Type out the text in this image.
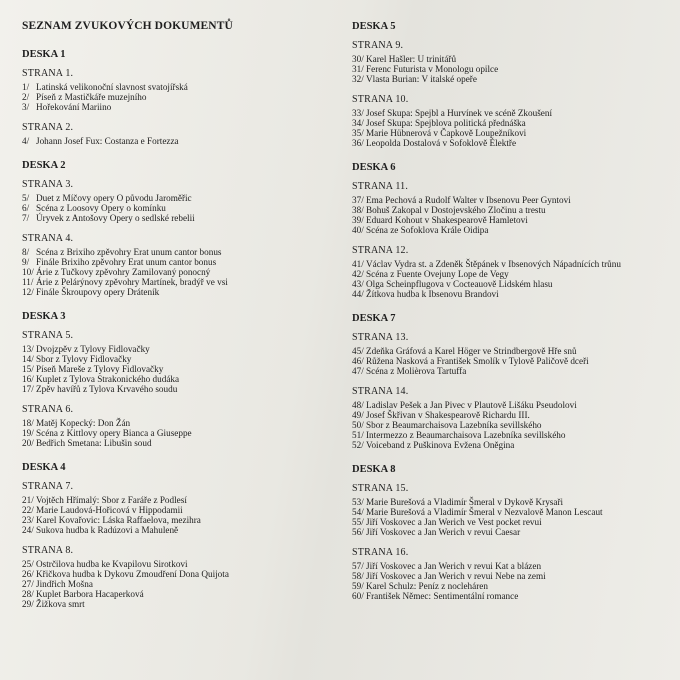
SEZNAM ZVUKOVÝCH DOKUMENTŮ
DESKA 1
STRANA 1.
1/ Latinská velikonoční slavnost svatojířská
2/ Píseň z Mastičkáře muzejního
3/ Hořekování Mariino
STRANA 2.
4/ Johann Josef Fux: Costanza e Fortezza
DESKA 2
STRANA 3.
5/ Duet z Míčovy opery O původu Jaroměřic
6/ Scéna z Loosovy Opery o komínku
7/ Úryvek z Antošovy Opery o sedlské rebelii
STRANA 4.
8/ Scéna z Brixiho zpěvohry Erat unum cantor bonus
9/ Finále Brixiho zpěvohry Erat unum cantor bonus
10/ Árie z Tučkovy zpěvohry Zamilovaný ponocný
11/ Árie z Pelárýnovy zpěvohry Martínek, bradýř ve vsi
12/ Finále Škroupovy opery Dráteník
DESKA 3
STRANA 5.
13/ Dvojzpěv z Tylovy Fidlovačky
14/ Sbor z Tylovy Fidlovačky
15/ Píseň Mareše z Tylovy Fidlovačky
16/ Kuplet z Tylova Strakonického dudáka
17/ Zpěv havířů z Tylova Krvavého soudu
STRANA 6.
18/ Matěj Kopecký: Don Žán
19/ Scéna z Kittlovy opery Bianca a Giuseppe
20/ Bedřich Smetana: Libušin soud
DESKA 4
STRANA 7.
21/ Vojtěch Hřímalý: Sbor z Faráře z Podlesí
22/ Marie Laudová-Hořicová v Hippodamii
23/ Karel Kovařovic: Láska Raffaelova, mezihra
24/ Sukova hudba k Radúzovi a Mahuleně
STRANA 8.
25/ Ostrčilova hudba ke Kvapilovu Sirotkovi
26/ Křičkova hudba k Dykovu Zmoudření Dona Quijota
27/ Jindřich Mošna
28/ Kuplet Barbora Hacaperková
29/ Žižkova smrt
DESKA 5
STRANA 9.
30/ Karel Hašler: U trinitářů
31/ Ferenc Futurista v Monologu opilce
32/ Vlasta Burian: V italské opeře
STRANA 10.
33/ Josef Skupa: Spejbl a Hurvínek ve scéně Zkoušení
34/ Josef Skupa: Spejblova politická přednáška
35/ Marie Hübnerová v Čapkově Loupežníkovi
36/ Leopolda Dostalová v Sofoklově Élektře
DESKA 6
STRANA 11.
37/ Ema Pechová a Rudolf Walter v Ibsenovu Peer Gyntovi
38/ Bohuš Zakopal v Dostojevského Zločinu a trestu
39/ Eduard Kohout v Shakespearově Hamletovi
40/ Scéna ze Sofoklova Krále Oidipa
STRANA 12.
41/ Václav Vydra st. a Zdeněk Štěpánek v Ibsenových Nápadnících trůnu
42/ Scéna z Fuente Ovejuny Lope de Vegy
43/ Olga Scheinpflugova v Cocteauově Lidském hlasu
44/ Žítkova hudba k Ibsenovu Brandovi
DESKA 7
STRANA 13.
45/ Zdeňka Gráfová a Karel Höger ve Strindbergově Hře snů
46/ Růžena Nasková a František Smolík v Tylově Paličově dceři
47/ Scéna z Molièrova Tartuffa
STRANA 14.
48/ Ladislav Pešek a Jan Pivec v Plautově Lišáku Pseudolovi
49/ Josef Škřivan v Shakespearově Richardu III.
50/ Sbor z Beaumarchaisova Lazebníka sevillského
51/ Intermezzo z Beaumarchaisova Lazebníka sevillského
52/ Voiceband z Puškinova Evžena Oněgina
DESKA 8
STRANA 15.
53/ Marie Burešová a Vladimír Šmeral v Dykově Krysaři
54/ Marie Burešová a Vladimír Šmeral v Nezvalově Manon Lescaut
55/ Jiří Voskovec a Jan Werich ve Vest pocket revui
56/ Jiří Voskovec a Jan Werich v revui Caesar
STRANA 16.
57/ Jiří Voskovec a Jan Werich v revui Kat a blázen
58/ Jiří Voskovec a Jan Werich v revui Nebe na zemi
59/ Karel Schulz: Peníz z nocleháren
60/ František Němec: Sentimentální romance
